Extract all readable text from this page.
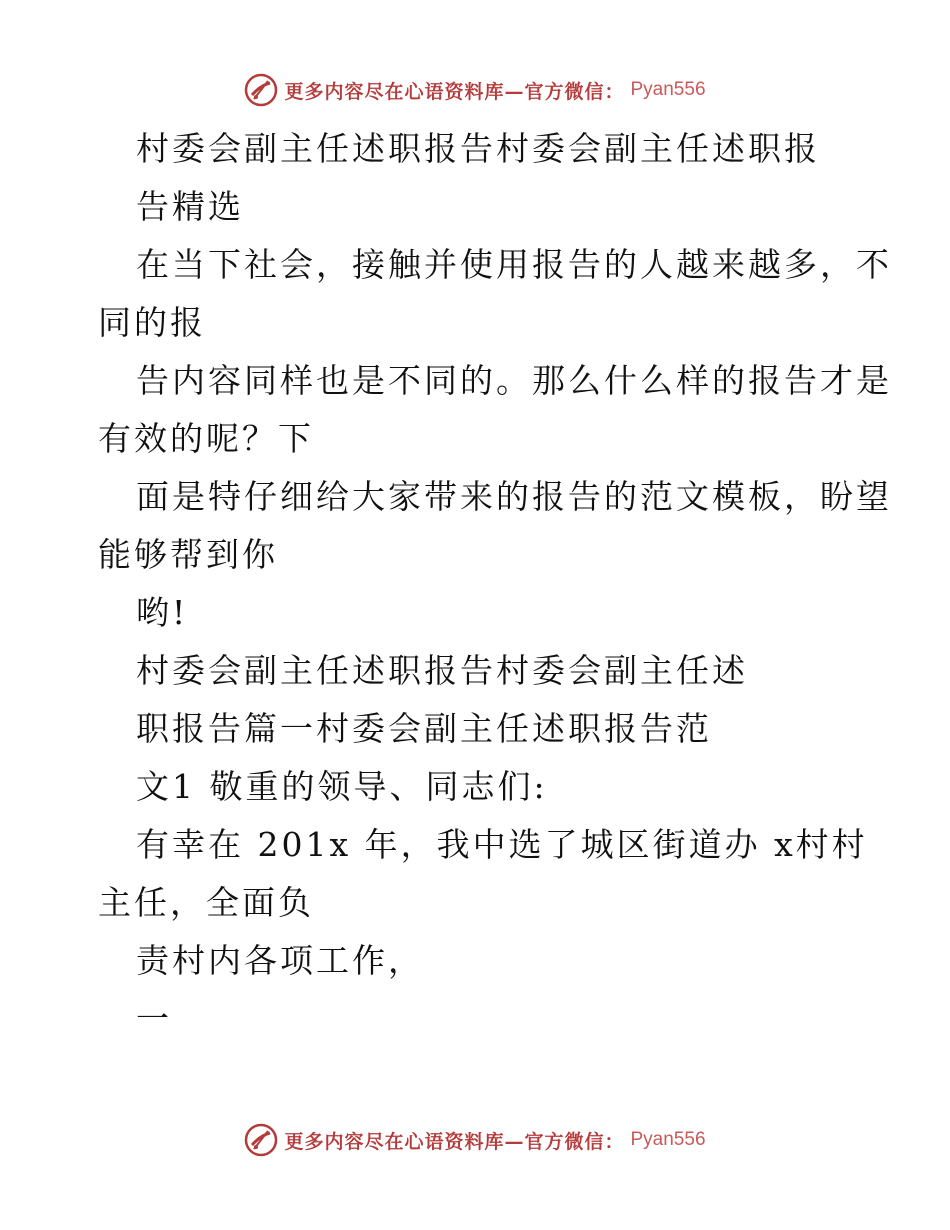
更多内容尽在心语资料库—官方微信： Pyan556
村委会副主任述职报告村委会副主任述职报
告精选
在当下社会，接触并使用报告的人越来越多，不
同的报
告内容同样也是不同的。那么什么样的报告才是
有效的呢？下
面是特仔细给大家带来的报告的范文模板，盼望
能够帮到你
哟!
村委会副主任述职报告村委会副主任述
职报告篇一村委会副主任述职报告范
文1 敬重的领导、同志们:
有幸在 201x 年，我中选了城区街道办 x村村
主任，全面负
责村内各项工作，
一
更多内容尽在心语资料库—官方微信： Pyan556
